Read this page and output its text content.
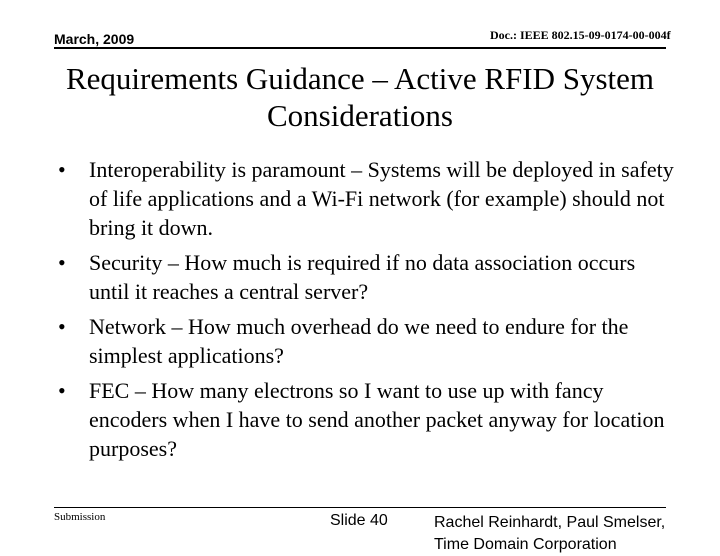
March, 2009	Doc.: IEEE 802.15-09-0174-00-004f
Requirements Guidance – Active RFID System
Considerations
• Interoperability is paramount – Systems will be deployed in safety of life applications and a Wi-Fi network (for example) should not bring it down.
• Security – How much is required if no data association occurs until it reaches a central server?
• Network – How much overhead do we need to endure for the simplest applications?
• FEC – How many electrons so I want to use up with fancy encoders when I have to send another packet anyway for location purposes?
Submission	Slide 40	Rachel Reinhardt, Paul Smelser,
Time Domain Corporation
